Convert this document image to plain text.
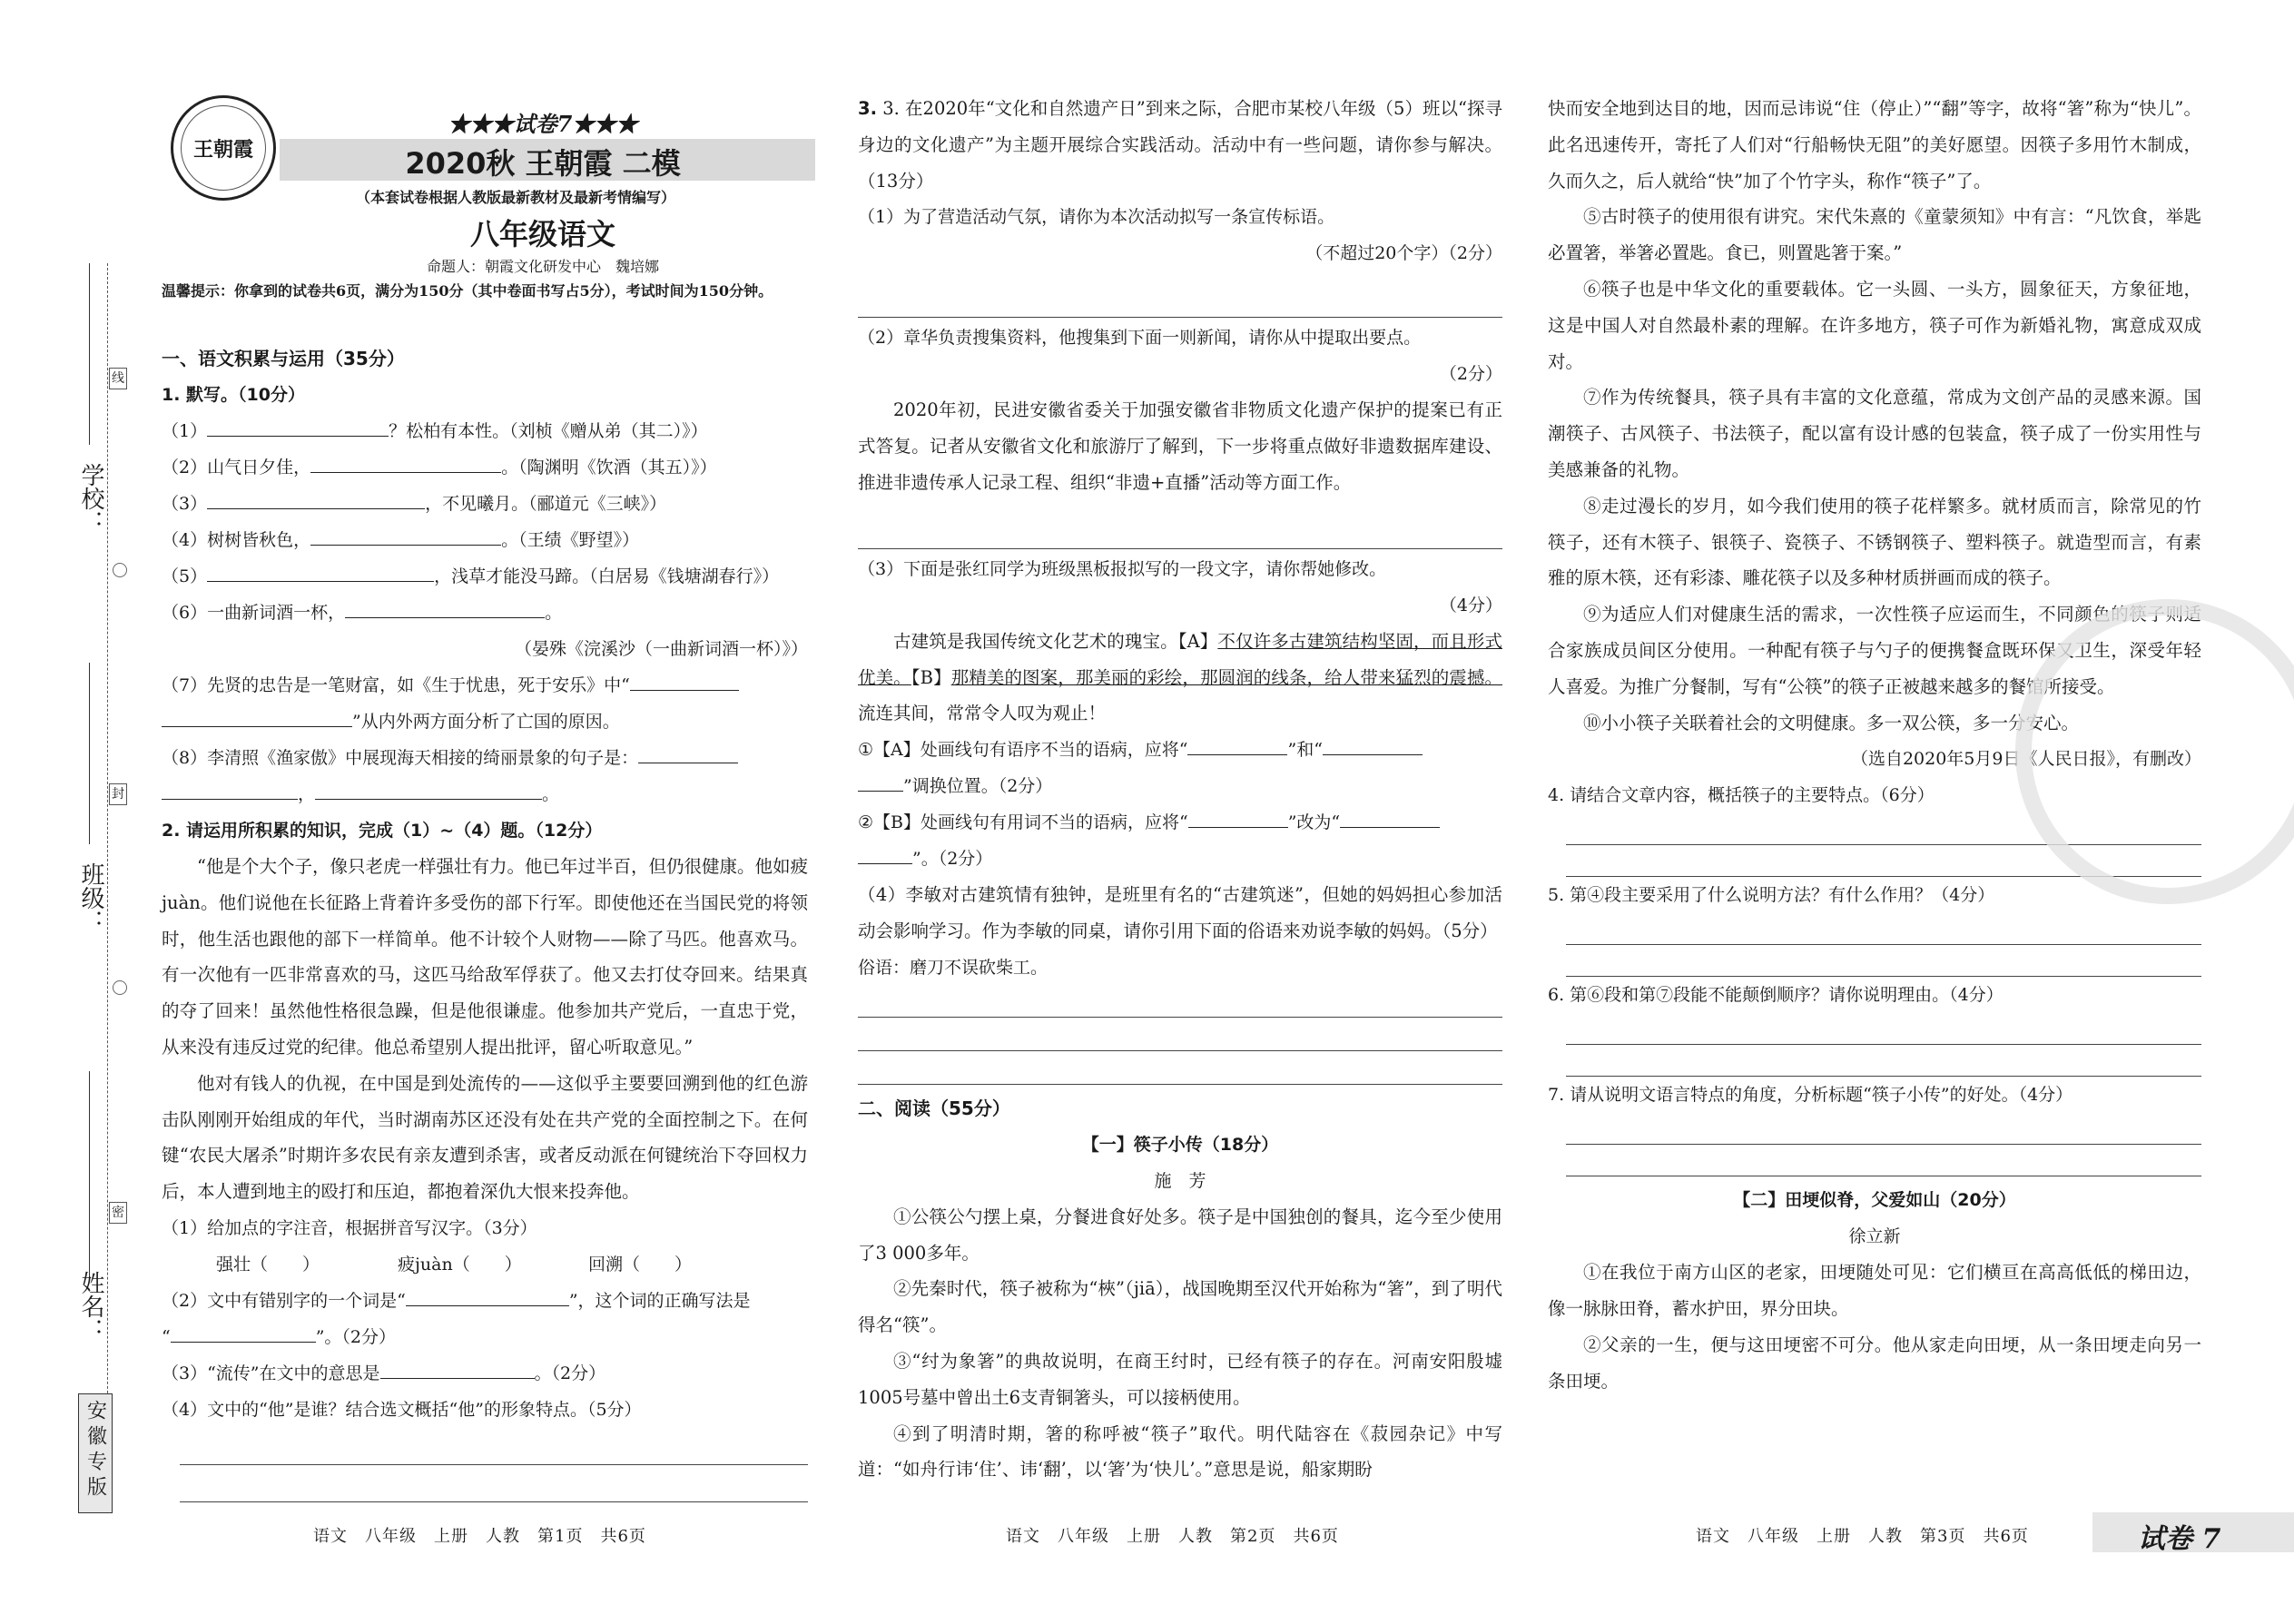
学校：
线
班级：
封
密
姓名：
安徽专版
王朝霞
★★★试卷7★★★
2020秋 王朝霞 二模
（本套试卷根据人教版最新教材及最新考情编写）
八年级语文
命题人：朝霞文化研发中心　魏培娜
温馨提示：你拿到的试卷共6页，满分为150分（其中卷面书写占5分），考试时间为150分钟。
一、语文积累与运用（35分）
1. 默写。（10分）
（1）	？松柏有本性。（刘桢《赠从弟（其二）》）
（2）山气日夕佳，	。（陶渊明《饮酒（其五）》）
（3）	，不见曦月。（郦道元《三峡》）
（4）树树皆秋色，	。（王绩《野望》）
（5）	，浅草才能没马蹄。（白居易《钱塘湖春行》）
（6）一曲新词酒一杯，	。
（晏殊《浣溪沙（一曲新词酒一杯）》）
（7）先贤的忠告是一笔财富，如《生于忧患，死于安乐》中“
”从内外两方面分析了亡国的原因。
（8）李清照《渔家傲》中展现海天相接的绮丽景象的句子是：
，	。
2. 请运用所积累的知识，完成（1）~（4）题。（12分）
“他是个大个子，像只老虎一样强壮有力。他已年过半百，但仍很健康。他如疲juàn。他们说他在长征路上背着许多受伤的部下行军。即使他还在当国民党的将领时，他生活也跟他的部下一样简单。他不计较个人财物——除了马匹。他喜欢马。有一次他有一匹非常喜欢的马，这匹马给敌军俘获了。他又去打仗夺回来。结果真的夺了回来！虽然他性格很急躁，但是他很谦虚。他参加共产党后，一直忠于党，从来没有违反过党的纪律。他总希望别人提出批评，留心听取意见。”
他对有钱人的仇视，在中国是到处流传的——这似乎主要要回溯到他的红色游击队刚刚开始组成的年代，当时湖南苏区还没有处在共产党的全面控制之下。在何键“农民大屠杀”时期许多农民有亲友遭到杀害，或者反动派在何键统治下夺回权力后，本人遭到地主的殴打和压迫，都抱着深仇大恨来投奔他。
（1）给加点的字注音，根据拼音写汉字。（3分）
强壮（　　）	疲juàn（　　）	回溯（　　）
（2）文中有错别字的一个词是“	”，这个词的正确写法是
“	”。（2分）
（3）“流传”在文中的意思是	。（2分）
（4）文中的“他”是谁？结合选文概括“他”的形象特点。（5分）
3. 3. 在2020年“文化和自然遗产日”到来之际，合肥市某校八年级（5）班以“探寻身边的文化遗产”为主题开展综合实践活动。活动中有一些问题，请你参与解决。（13分）
（1）为了营造活动气氛，请你为本次活动拟写一条宣传标语。
（不超过20个字）（2分）
（2）章华负责搜集资料，他搜集到下面一则新闻，请你从中提取出要点。
（2分）
2020年初，民进安徽省委关于加强安徽省非物质文化遗产保护的提案已有正式答复。记者从安徽省文化和旅游厅了解到，下一步将重点做好非遗数据库建设、推进非遗传承人记录工程、组织“非遗+直播”活动等方面工作。
（3）下面是张红同学为班级黑板报拟写的一段文字，请你帮她修改。
（4分）
古建筑是我国传统文化艺术的瑰宝。【A】不仅许多古建筑结构坚固，而且形式优美。【B】那精美的图案，那美丽的彩绘，那圆润的线条，给人带来猛烈的震撼。流连其间，常常令人叹为观止！
①【A】处画线句有语序不当的语病，应将“	”和“
”调换位置。（2分）
②【B】处画线句有用词不当的语病，应将“	”改为“
”。（2分）
（4）李敏对古建筑情有独钟，是班里有名的“古建筑迷”，但她的妈妈担心参加活动会影响学习。作为李敏的同桌，请你引用下面的俗语来劝说李敏的妈妈。（5分）
俗语：磨刀不误砍柴工。
二、阅读（55分）
【一】筷子小传（18分）
施　芳
①公筷公勺摆上桌，分餐进食好处多。筷子是中国独创的餐具，迄今至少使用了3 000多年。
②先秦时代，筷子被称为“梜”（jiā），战国晚期至汉代开始称为“箸”，到了明代得名“筷”。
③“纣为象箸”的典故说明，在商王纣时，已经有筷子的存在。河南安阳殷墟1005号墓中曾出土6支青铜箸头，可以接柄使用。
④到了明清时期，箸的称呼被“筷子”取代。明代陆容在《菽园杂记》中写道：“如舟行讳‘住’、讳‘翻’，以‘箸’为‘快儿’。”意思是说，船家期盼
快而安全地到达目的地，因而忌讳说“住（停止）”“翻”等字，故将“箸”称为“快儿”。此名迅速传开，寄托了人们对“行船畅快无阻”的美好愿望。因筷子多用竹木制成，久而久之，后人就给“快”加了个竹字头，称作“筷子”了。
⑤古时筷子的使用很有讲究。宋代朱熹的《童蒙须知》中有言：“凡饮食，举匙必置箸，举箸必置匙。食已，则置匙箸于案。”
⑥筷子也是中华文化的重要载体。它一头圆、一头方，圆象征天，方象征地，这是中国人对自然最朴素的理解。在许多地方，筷子可作为新婚礼物，寓意成双成对。
⑦作为传统餐具，筷子具有丰富的文化意蕴，常成为文创产品的灵感来源。国潮筷子、古风筷子、书法筷子，配以富有设计感的包装盒，筷子成了一份实用性与美感兼备的礼物。
⑧走过漫长的岁月，如今我们使用的筷子花样繁多。就材质而言，除常见的竹筷子，还有木筷子、银筷子、瓷筷子、不锈钢筷子、塑料筷子。就造型而言，有素雅的原木筷，还有彩漆、雕花筷子以及多种材质拼画而成的筷子。
⑨为适应人们对健康生活的需求，一次性筷子应运而生，不同颜色的筷子则适合家族成员间区分使用。一种配有筷子与勺子的便携餐盒既环保又卫生，深受年轻人喜爱。为推广分餐制，写有“公筷”的筷子正被越来越多的餐馆所接受。
⑩小小筷子关联着社会的文明健康。多一双公筷，多一分安心。
（选自2020年5月9日《人民日报》，有删改）
4. 请结合文章内容，概括筷子的主要特点。（6分）
5. 第④段主要采用了什么说明方法？有什么作用？（4分）
6. 第⑥段和第⑦段能不能颠倒顺序？请你说明理由。（4分）
7. 请从说明文语言特点的角度，分析标题“筷子小传”的好处。（4分）
【二】田埂似脊，父爱如山（20分）
徐立新
①在我位于南方山区的老家，田埂随处可见：它们横亘在高高低低的梯田边，像一脉脉田脊，蓄水护田，界分田块。
②父亲的一生，便与这田埂密不可分。他从家走向田埂，从一条田埂走向另一条田埂。
语文　八年级　上册　人教　第1页　共6页	语文　八年级　上册　人教　第2页　共6页	语文　八年级　上册　人教　第3页　共6页	试卷 7
